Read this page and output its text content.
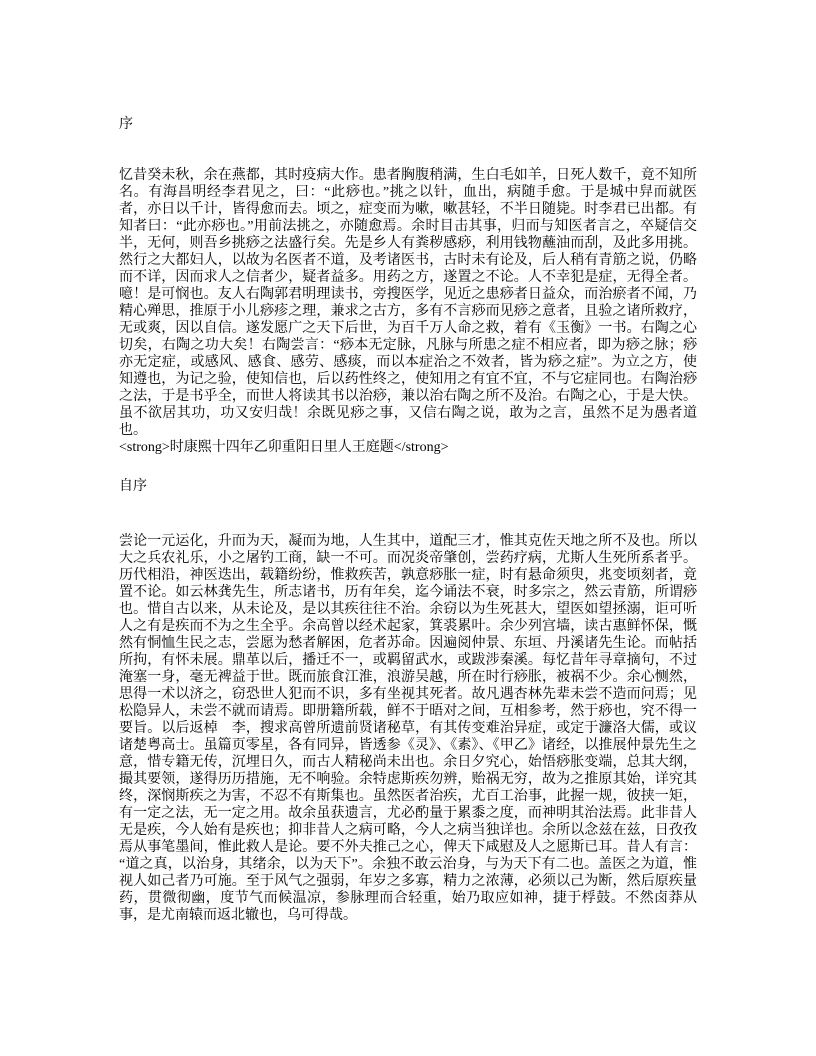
序

忆昔癸未秋，余在燕都，其时疫病大作。患者胸腹稍满，生白毛如羊，日死人数千，竟不知所名。有海昌明经李君见之，曰：“此痧也。”挑之以针，血出，病随手愈。于是城中舁而就医者，亦日以千计，皆得愈而去。顷之，症变而为嗽，嗽甚轻，不半日随毙。时李君已出都。有知者曰：“此亦痧也。”用前法挑之，亦随愈焉。余时目击其事，归而与知医者言之，卒疑信交半，无何，则吾乡挑痧之法盛行矣。先是乡人有粪秽感痧，利用钱物蘸油而刮，及此多用挑。然行之大都妇人，以故为名医者不道，及考诸医书，古时未有论及，后人稍有青筋之说，仍略而不详，因而求人之信者少，疑者益多。用药之方，遂置之不论。人不幸犯是症，无得全者。噫！是可悯也。友人右陶郭君明理读书，旁搜医学，见近之患痧者日益众，而治瘀者不闻，乃精心殚思，推原于小儿痧疹之理，兼求之古方，多有不言痧而见痧之意者，且验之诸所救疗，无或爽，因以自信。遂发愿广之天下后世，为百千万人命之救，着有《玉衡》一书。右陶之心切矣，右陶之功大矣！右陶尝言：“痧本无定脉，凡脉与所患之症不相应者，即为痧之脉；痧亦无定症，或感风、感食、感劳、感痰，而以本症治之不效者，皆为痧之症”。为立之方，使知遵也，为记之验，使知信也，后以药性终之，使知用之有宜不宜，不与它症同也。右陶治痧之法，于是书乎全，而世人将读其书以治痧，兼以治右陶之所不及治。右陶之心，于是大快。虽不欲居其功，功又安归哉！余既见痧之事，又信右陶之说，敢为之言，虽然不足为愚者道也。

<strong>时康熙十四年乙卯重阳日里人王庭题</strong>

自序

尝论一元运化，升而为天，凝而为地，人生其中，道配三才，惟其克佐天地之所不及也。所以大之兵农礼乐，小之屠钓工商，缺一不可。而况炎帝肇创，尝药疗病，尤斯人生死所系者乎。历代相沿，神医迭出，载籍纷纷，惟救疾苦，孰意痧胀一症，时有悬命须臾，兆变顷刻者，竟置不论。如云林龚先生，所志诸书，历有年矣，迄今诵法不衰，时多宗之，然云青筋，所谓痧也。惜自古以来，从未论及，是以其疾往往不治。余窃以为生死甚大，望医如望拯溺，讵可听人之有是疾而不为之生全乎。余高曾以经术起家，箕裘累叶。余少列宫墙，读古惠鲜怀保，慨然有恫恤生民之志，尝愿为愁者解困，危者苏命。因遍阅仲景、东垣、丹溪诸先生论。而帖括所拘，有怀未展。鼎革以后，播迁不一，或羁留武水，或跋涉秦溪。每忆昔年寻章摘句，不过淹塞一身，毫无裨益于世。既而旅食江淮，浪游吴越，所在时行痧胀，被祸不少。余心恻然，思得一术以济之，窃恐世人犯而不识，多有坐视其死者。故凡遇杏林先辈未尝不造而问焉；见松隐异人，未尝不就而请焉。即册籍所载，鲜不于晤对之间，互相参考，然于痧也，究不得一要旨。以后返棹　李，搜求高曾所遗前贤诸秘草，有其传变难治异症，或定于濂洛大儒，或议诸楚粤高士。虽篇页零星，各有同异，皆透参《灵》、《素》、《甲乙》诸经，以推展仲景先生之意，惜专籍无传，沉埋日久，而古人精秘尚未出也。余日夕究心，始悟痧胀变端，总其大纲，撮其要领，遂得历历措施，无不响验。余特虑斯疾勿辨，贻祸无穷，故为之推原其始，详究其终，深悯斯疾之为害，不忍不有斯集也。虽然医者治疾，尤百工治事，此握一规，彼挟一矩，有一定之法，无一定之用。故余虽获遗言，尤必酌量于累黍之度，而神明其治法焉。此非昔人无是疾，今人始有是疾也；抑非昔人之病可略，今人之病当独详也。余所以念兹在兹，日孜孜焉从事笔墨间，惟此救人是论。要不外夫推己之心，俾天下咸慰及人之愿斯已耳。昔人有言：“道之真，以治身，其绪余，以为天下”。余独不敢云治身，与为天下有二也。盖医之为道，惟视人如己者乃可施。至于风气之强弱，年岁之多寡，精力之浓薄，必须以己为断，然后原疾量药，贯微彻幽，度节气而候温凉，参脉理而合轻重，始乃取应如神，捷于桴鼓。不然卤莽从事，是尤南辕而返北辙也，乌可得哉。
